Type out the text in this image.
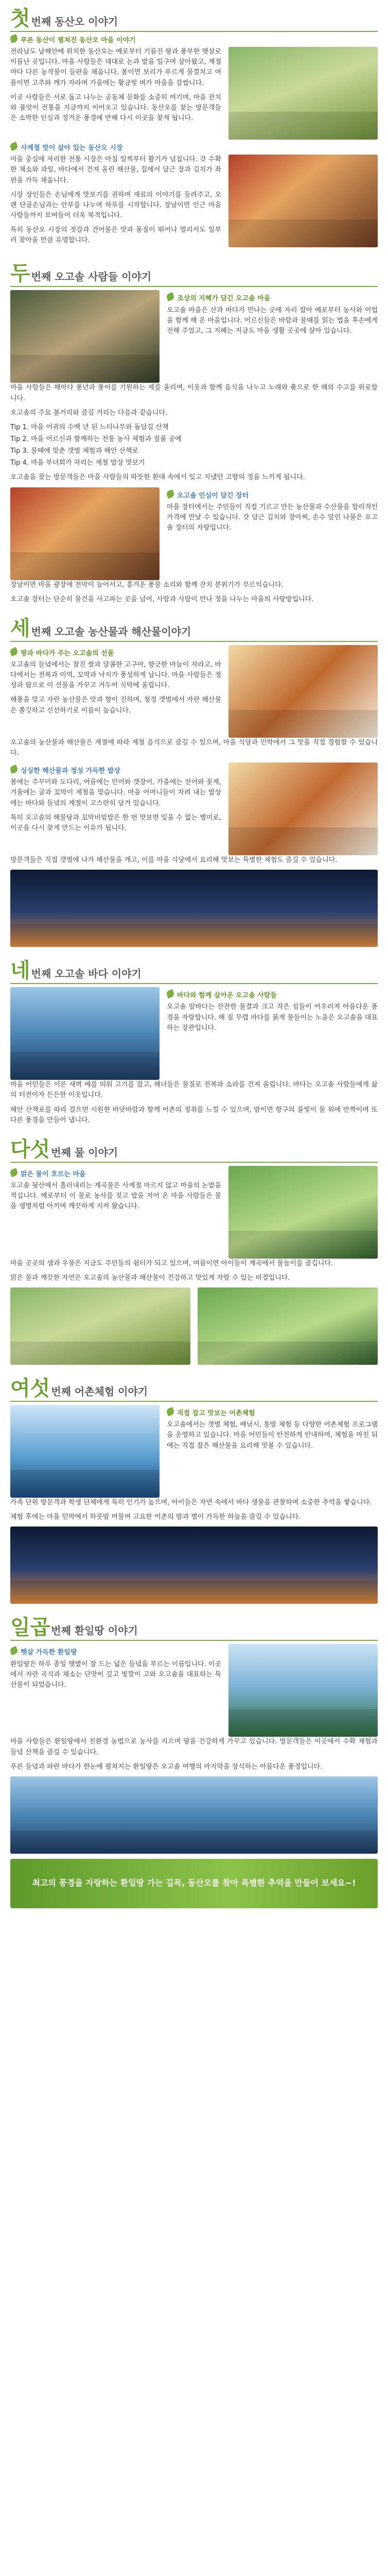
첫 번째 동산오 이야기
푸른 동산이 펼쳐진 동산오 마을 이야기

전라남도 남해안에 위치한 동산오는 예로부터 기름진 땅과 풍부한 햇살로 이름난 곳입니다. 마을 사람들은 대대로 논과 밭을 일구며 살아왔고, 계절마다 다른 농작물이 들판을 채웁니다. 봄이면 보리가 푸르게 물결치고 여름이면 고추와 깨가 자라며 가을에는 황금빛 벼가 마을을 감쌉니다.

이곳 사람들은 서로 돕고 나누는 공동체 문화를 소중히 여기며, 마을 잔치와 품앗이 전통을 지금까지 이어오고 있습니다. 동산오를 찾는 방문객들은 소박한 인심과 정겨운 풍경에 반해 다시 이곳을 찾게 됩니다.

사계절 맛이 살아 있는 동산오 시장

마을 중심에 자리한 전통 시장은 아침 일찍부터 활기가 넘칩니다. 갓 수확한 채소와 과일, 바다에서 건져 올린 해산물, 집에서 담근 장과 김치가 좌판을 가득 채웁니다.

시장 상인들은 손님에게 맛보기를 권하며 재료의 이야기를 들려주고, 오랜 단골손님과는 안부를 나누며 하루를 시작합니다. 장날이면 인근 마을 사람들까지 모여들어 더욱 북적입니다.

특히 동산오 시장의 젓갈과 건어물은 맛과 품질이 뛰어나 멀리서도 일부러 찾아올 만큼 유명합니다.

두 번째 오고솔 사람들 이야기
조상의 지혜가 담긴 오고솔 마을

오고솔 마을은 산과 바다가 만나는 곳에 자리 잡아 예로부터 농사와 어업을 함께 해 온 마을입니다. 어르신들은 바람과 물때를 읽는 법을 후손에게 전해 주었고, 그 지혜는 지금도 마을 생활 곳곳에 살아 있습니다.

마을 사람들은 해마다 풍년과 풍어를 기원하는 제를 올리며, 이웃과 함께 음식을 나누고 노래와 춤으로 한 해의 수고를 위로합니다.

오고솔의 주요 볼거리와 즐길 거리는 다음과 같습니다.

Tip 1. 마을 어귀의 수백 년 된 느티나무와 돌담길 산책
Tip 2. 마을 어르신과 함께하는 전통 농사 체험과 짚풀 공예
Tip 3. 물때에 맞춘 갯벌 체험과 해안 산책로
Tip 4. 마을 부녀회가 차리는 제철 밥상 맛보기

오고솔을 찾는 방문객들은 마을 사람들의 따뜻한 환대 속에서 잊고 지냈던 고향의 정을 느끼게 됩니다.

오고솔 인심이 담긴 장터

마을 장터에서는 주민들이 직접 기르고 만든 농산물과 수산물을 합리적인 가격에 만날 수 있습니다. 갓 담근 김치와 장아찌, 손수 말린 나물은 오고솔 장터의 자랑입니다.

장날이면 마을 광장에 천막이 늘어서고, 흥겨운 풍물 소리와 함께 잔치 분위기가 무르익습니다.

오고솔 장터는 단순히 물건을 사고파는 곳을 넘어, 사람과 사람이 만나 정을 나누는 마을의 사랑방입니다.

세 번째 오고솔 농산물과 해산물이야기
땅과 바다가 주는 오고솔의 선물

오고솔의 들녘에서는 찰진 쌀과 달콤한 고구마, 향긋한 마늘이 자라고, 바다에서는 전복과 미역, 꼬막과 낙지가 풍성하게 납니다. 마을 사람들은 정성과 땀으로 이 선물을 가꾸고 거두어 식탁에 올립니다.

해풍을 맞고 자란 농산물은 맛과 향이 진하며, 청정 갯벌에서 자란 해산물은 쫄깃하고 신선하기로 이름이 높습니다.

오고솔의 농산물과 해산물은 계절에 따라 제철 음식으로 즐길 수 있으며, 마을 식당과 민박에서 그 맛을 직접 경험할 수 있습니다.

싱싱한 해산물과 정성 가득한 밥상

봄에는 주꾸미와 도다리, 여름에는 민어와 갯장어, 가을에는 전어와 꽃게, 겨울에는 굴과 꼬막이 제철을 맞습니다. 마을 어머니들이 차려 내는 밥상에는 바다와 들녘의 계절이 고스란히 담겨 있습니다.

특히 오고솔의 해물탕과 꼬막비빔밥은 한 번 맛보면 잊을 수 없는 별미로, 이곳을 다시 찾게 만드는 이유가 됩니다.

방문객들은 직접 갯벌에 나가 해산물을 캐고, 이를 마을 식당에서 요리해 맛보는 특별한 체험도 즐길 수 있습니다.

네 번째 오고솔 바다 이야기
바다와 함께 살아온 오고솔 사람들

오고솔 앞바다는 잔잔한 물결과 크고 작은 섬들이 어우러져 아름다운 풍경을 자랑합니다. 해 질 무렵 바다를 붉게 물들이는 노을은 오고솔을 대표하는 장관입니다.

마을 어민들은 이른 새벽 배를 띄워 고기를 잡고, 해녀들은 물질로 전복과 소라를 건져 올립니다. 바다는 오고솔 사람들에게 삶의 터전이자 든든한 이웃입니다.

해안 산책로를 따라 걸으면 시원한 바닷바람과 함께 어촌의 정취를 느낄 수 있으며, 밤이면 항구의 불빛이 물 위에 반짝이며 또 다른 풍경을 만들어 냅니다.

다섯 번째 물 이야기
맑은 물이 흐르는 마을

오고솔 뒷산에서 흘러내리는 계곡물은 사계절 마르지 않고 마을의 논밭을 적십니다. 예로부터 이 물로 농사를 짓고 밥을 지어 온 마을 사람들은 물을 생명처럼 아끼며 깨끗하게 지켜 왔습니다.

마을 곳곳의 샘과 우물은 지금도 주민들의 쉼터가 되고 있으며, 여름이면 아이들이 계곡에서 물놀이를 즐깁니다.

맑은 물과 깨끗한 자연은 오고솔의 농산물과 해산물이 건강하고 맛있게 자랄 수 있는 비결입니다.

여섯 번째 어촌체험 이야기
직접 잡고 맛보는 어촌체험

오고솔에서는 갯벌 체험, 배낚시, 통발 체험 등 다양한 어촌체험 프로그램을 운영하고 있습니다. 마을 어민들이 안전하게 안내하며, 체험을 마친 뒤에는 직접 잡은 해산물을 요리해 맛볼 수 있습니다.

가족 단위 방문객과 학생 단체에게 특히 인기가 높으며, 아이들은 자연 속에서 바다 생물을 관찰하며 소중한 추억을 쌓습니다.

체험 후에는 마을 민박에서 하룻밤 머물며 고요한 어촌의 밤과 별이 가득한 하늘을 즐길 수 있습니다.

일곱 번째 환일땅 이야기
햇살 가득한 환일땅

환일땅은 하루 종일 햇볕이 잘 드는 넓은 들녘을 부르는 이름입니다. 이곳에서 자란 곡식과 채소는 단맛이 깊고 빛깔이 고와 오고솔을 대표하는 특산물이 되었습니다.

마을 사람들은 환일땅에서 친환경 농법으로 농사를 지으며 땅을 건강하게 가꾸고 있습니다. 방문객들은 이곳에서 수확 체험과 들녘 산책을 즐길 수 있습니다.

푸른 들녘과 파란 바다가 한눈에 펼쳐지는 환일땅은 오고솔 여행의 마지막을 장식하는 아름다운 풍경입니다.

최고의 풍경을 자랑하는 환일땅 가는 길목, 동산오를 찾아 특별한 추억을 만들어 보세요~!
